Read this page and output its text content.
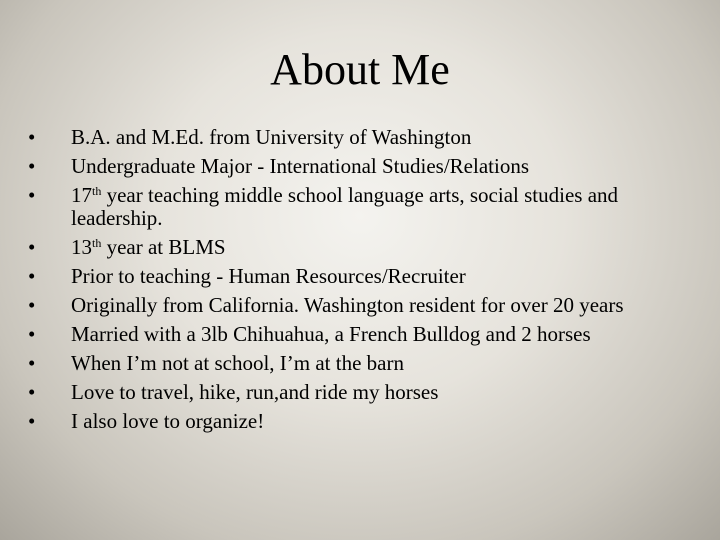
About Me
•	B.A. and M.Ed. from University of Washington
•	Undergraduate Major - International Studies/Relations
•	17th year teaching middle school language arts, social studies and leadership.
•	13th year at BLMS
•	Prior to teaching - Human Resources/Recruiter
•	Originally from California. Washington resident for over 20 years
•	Married with a 3lb Chihuahua, a French Bulldog and 2 horses
•	When I’m not at school, I’m at the barn
•	Love to travel, hike, run,and ride my horses
•	I also love to organize!
